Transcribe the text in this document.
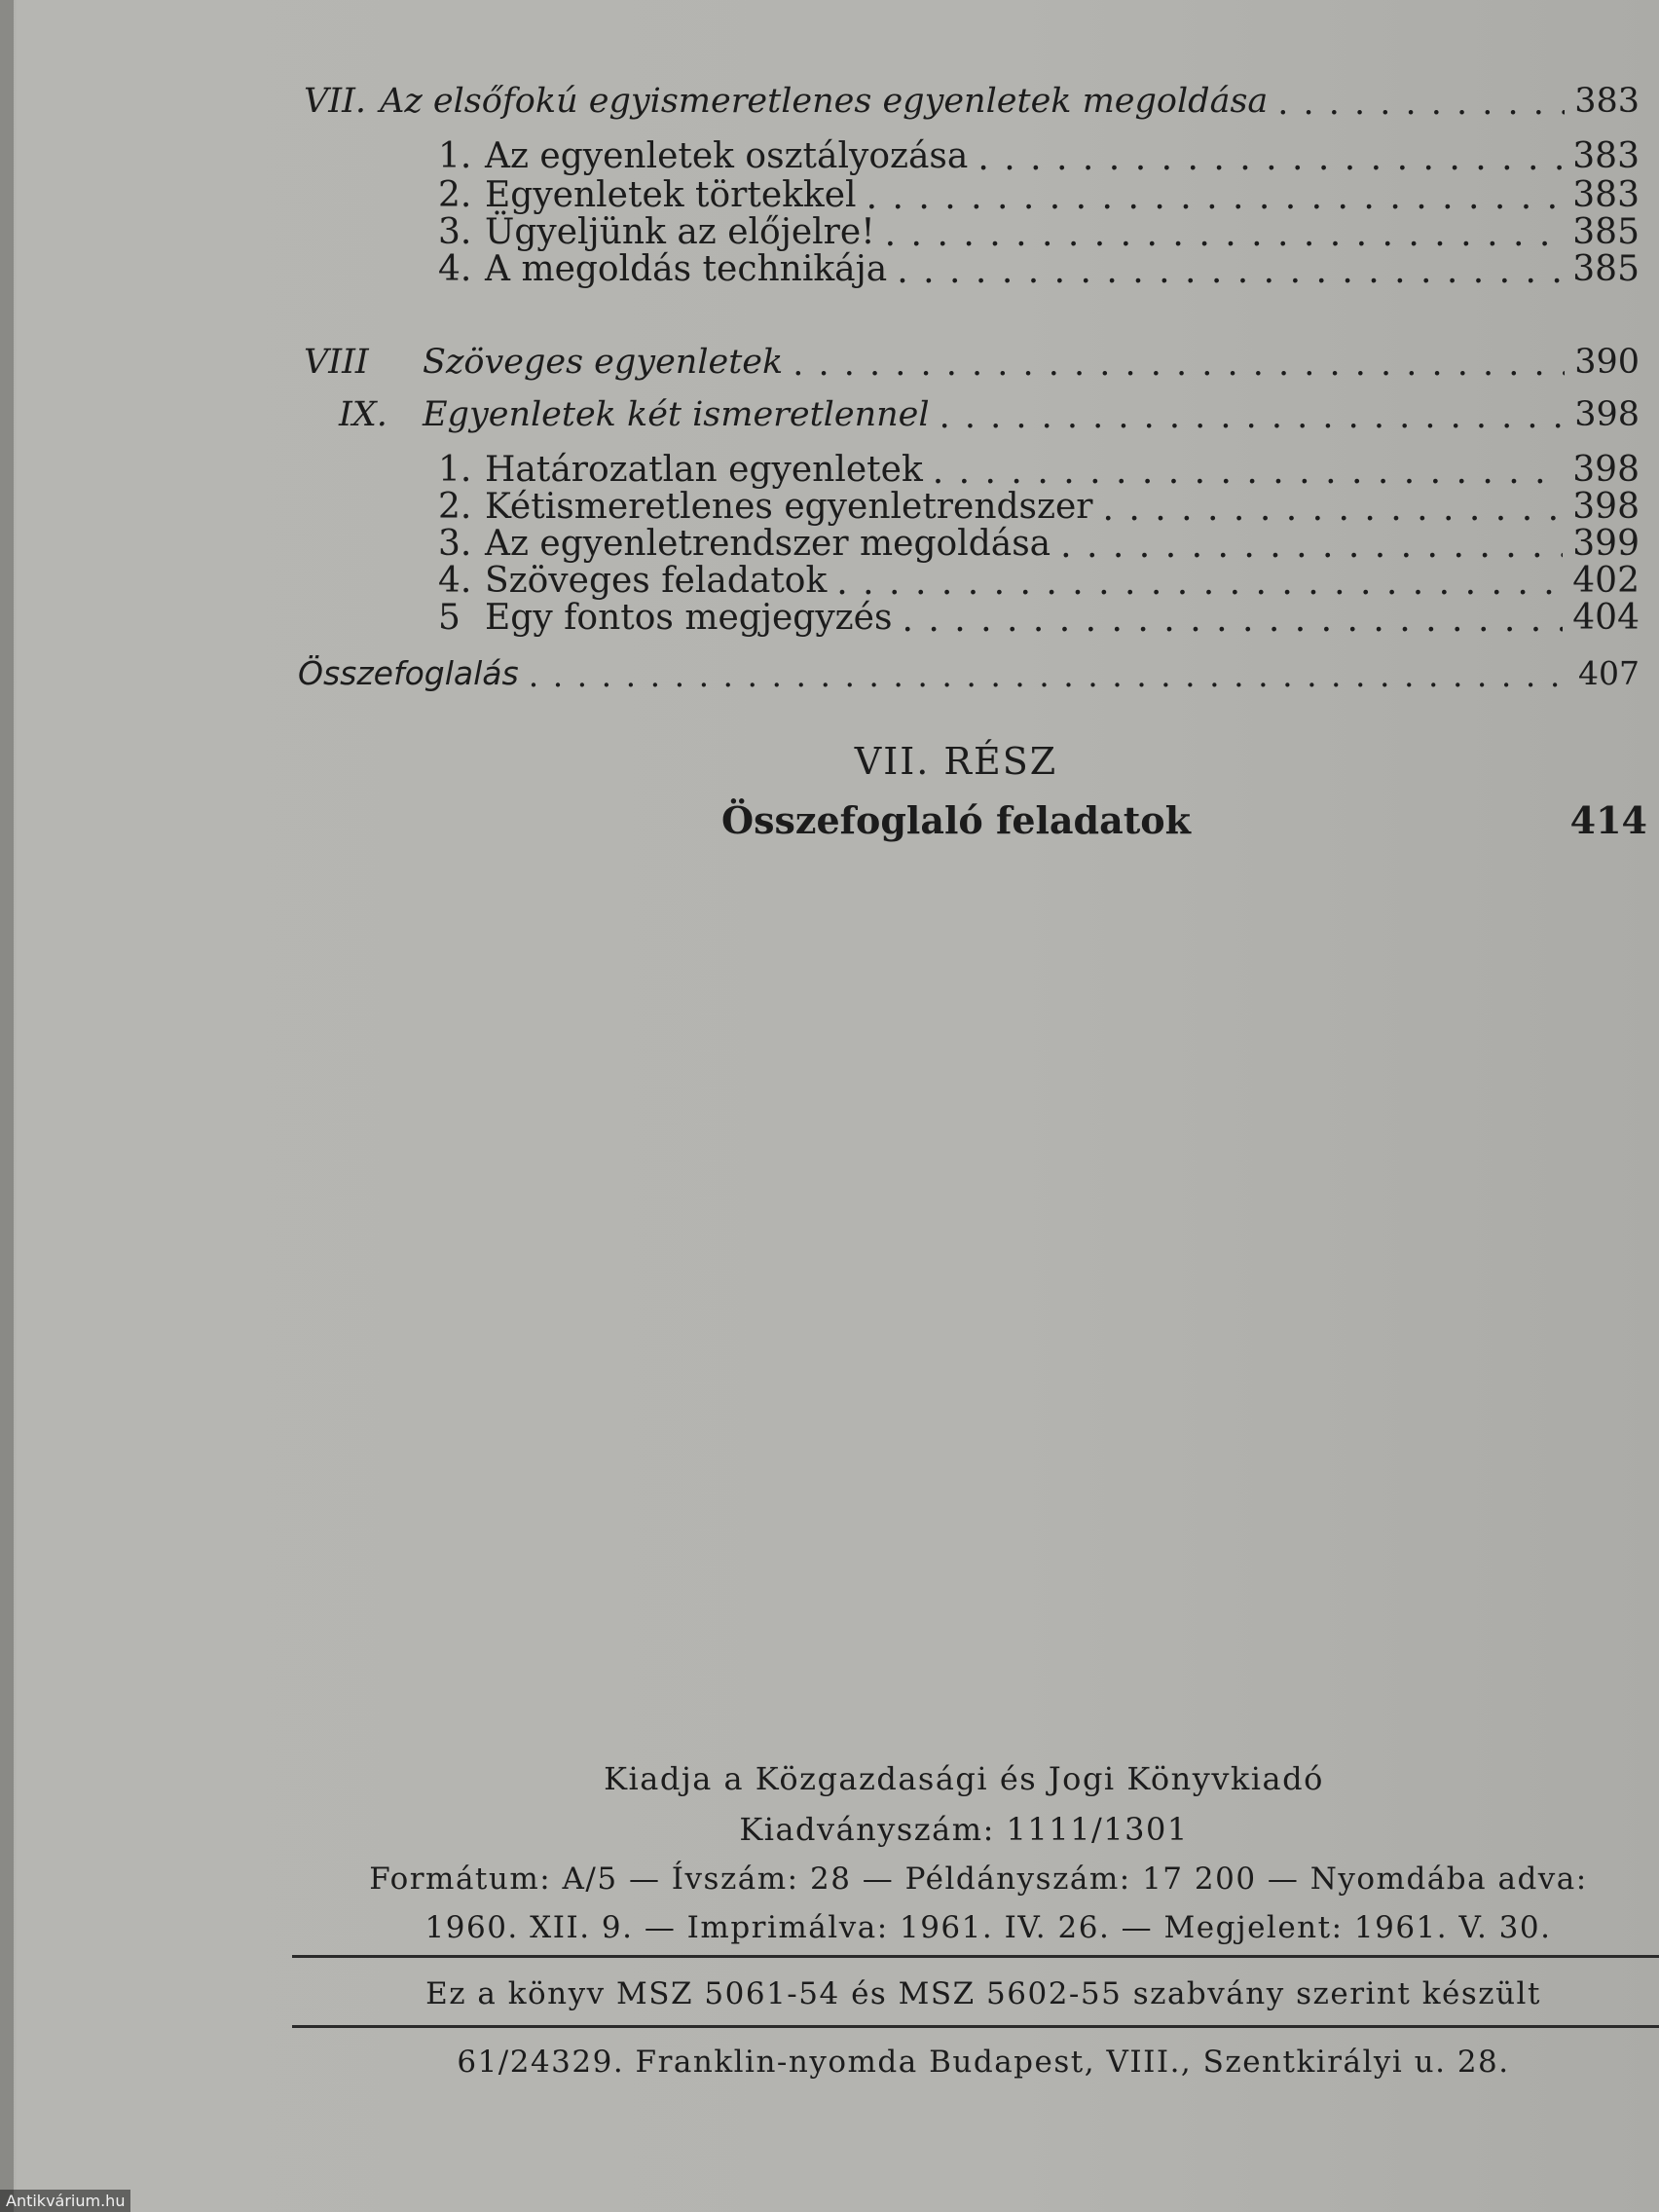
VII. Az elsőfokú egyismeretlenes egyenletek megoldása . . .	383
1. Az egyenletek osztályozása . . .	383
2. Egyenletek törtekkel . . .	383
3. Ügyeljünk az előjelre! . . .	385
4. A megoldás technikája . . .	385
VIII	Szöveges egyenletek . . .	390
IX.	Egyenletek két ismeretlennel . . .	398
1. Határozatlan egyenletek . . .	398
2. Kétismeretlenes egyenletrendszer . . .	398
3. Az egyenletrendszer megoldása . . .	399
4. Szöveges feladatok . . .	402
5 Egy fontos megjegyzés . . .	404
Összefoglalás . . .	407
VII. RÉSZ
Összefoglaló feladatok	414
Kiadja a Közgazdasági és Jogi Könyvkiadó
Kiadványszám: 1111/1301
Formátum: A/5 — Ívszám: 28 — Példányszám: 17 200 — Nyomdába adva:
1960. XII. 9. — Imprimálva: 1961. IV. 26. — Megjelent: 1961. V. 30.
Ez a könyv MSZ 5061-54 és MSZ 5602-55 szabvány szerint készült
61/24329. Franklin-nyomda Budapest, VIII., Szentkirályi u. 28.
Antikvárium.hu
